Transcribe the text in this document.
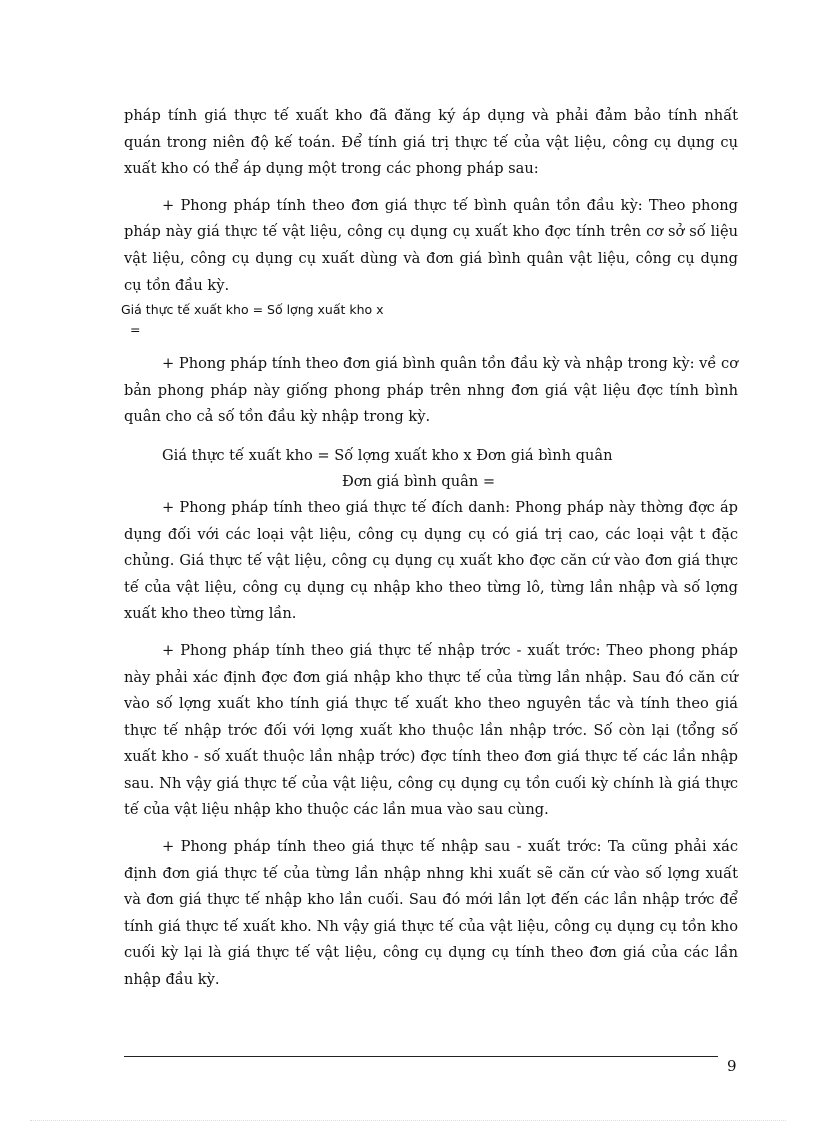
pháp tính giá thực tế xuất kho đã đăng ký áp dụng và phải đảm bảo tính nhất quán trong niên độ kế toán. Để tính giá trị thực tế của vật liệu, công cụ dụng cụ xuất kho có thể áp dụng một trong các phong pháp sau:

+ Phong pháp tính theo đơn giá thực tế bình quân tồn đầu kỳ: Theo phong pháp này giá thực tế vật liệu, công cụ dụng cụ xuất kho đợc tính trên cơ sở số liệu vật liệu, công cụ dụng cụ xuất dùng và đơn giá bình quân vật liệu, công cụ dụng cụ tồn đầu kỳ.

Giá thực tế xuất kho = Số lợng xuất kho x

=

+ Phong pháp tính theo đơn giá bình quân tồn đầu kỳ và nhập trong kỳ: về cơ bản phong pháp này giống phong pháp trên nhng đơn giá vật liệu đợc tính bình quân cho cả số tồn đầu kỳ nhập trong kỳ.

Giá thực tế xuất kho = Số lợng xuất kho x Đơn giá bình quân

Đơn giá bình quân =

+ Phong pháp tính theo giá thực tế đích danh: Phong pháp này thờng đợc áp dụng đối với các loại vật liệu, công cụ dụng cụ có giá trị cao, các loại vật t đặc chủng. Giá thực tế vật liệu, công cụ dụng cụ xuất kho đợc căn cứ vào đơn giá thực tế của vật liệu, công cụ dụng cụ nhập kho theo từng lô, từng lần nhập và số lợng xuất kho theo từng lần.

+ Phong pháp tính theo giá thực tế nhập trớc - xuất trớc: Theo phong pháp này phải xác định đợc đơn giá nhập kho thực tế của từng lần nhập. Sau đó căn cứ vào số lợng xuất kho tính giá thực tế xuất kho theo nguyên tắc và tính theo giá thực tế nhập trớc đối với lợng xuất kho thuộc lần nhập trớc. Số còn lại (tổng số xuất kho - số xuất thuộc lần nhập trớc) đợc tính theo đơn giá thực tế các lần nhập sau. Nh vậy giá thực tế của vật liệu, công cụ dụng cụ tồn cuối kỳ chính là giá thực tế của vật liệu nhập kho thuộc các lần mua vào sau cùng.

+ Phong pháp tính theo giá thực tế nhập sau - xuất trớc: Ta cũng phải xác định đơn giá thực tế của từng lần nhập nhng khi xuất sẽ căn cứ vào số lợng xuất và đơn giá thực tế nhập kho lần cuối. Sau đó mới lần lợt đến các lần nhập trớc để tính giá thực tế xuất kho. Nh vậy giá thực tế của vật liệu, công cụ dụng cụ tồn kho cuối kỳ lại là giá thực tế vật liệu, công cụ dụng cụ tính theo đơn giá của các lần nhập đầu kỳ.

9
